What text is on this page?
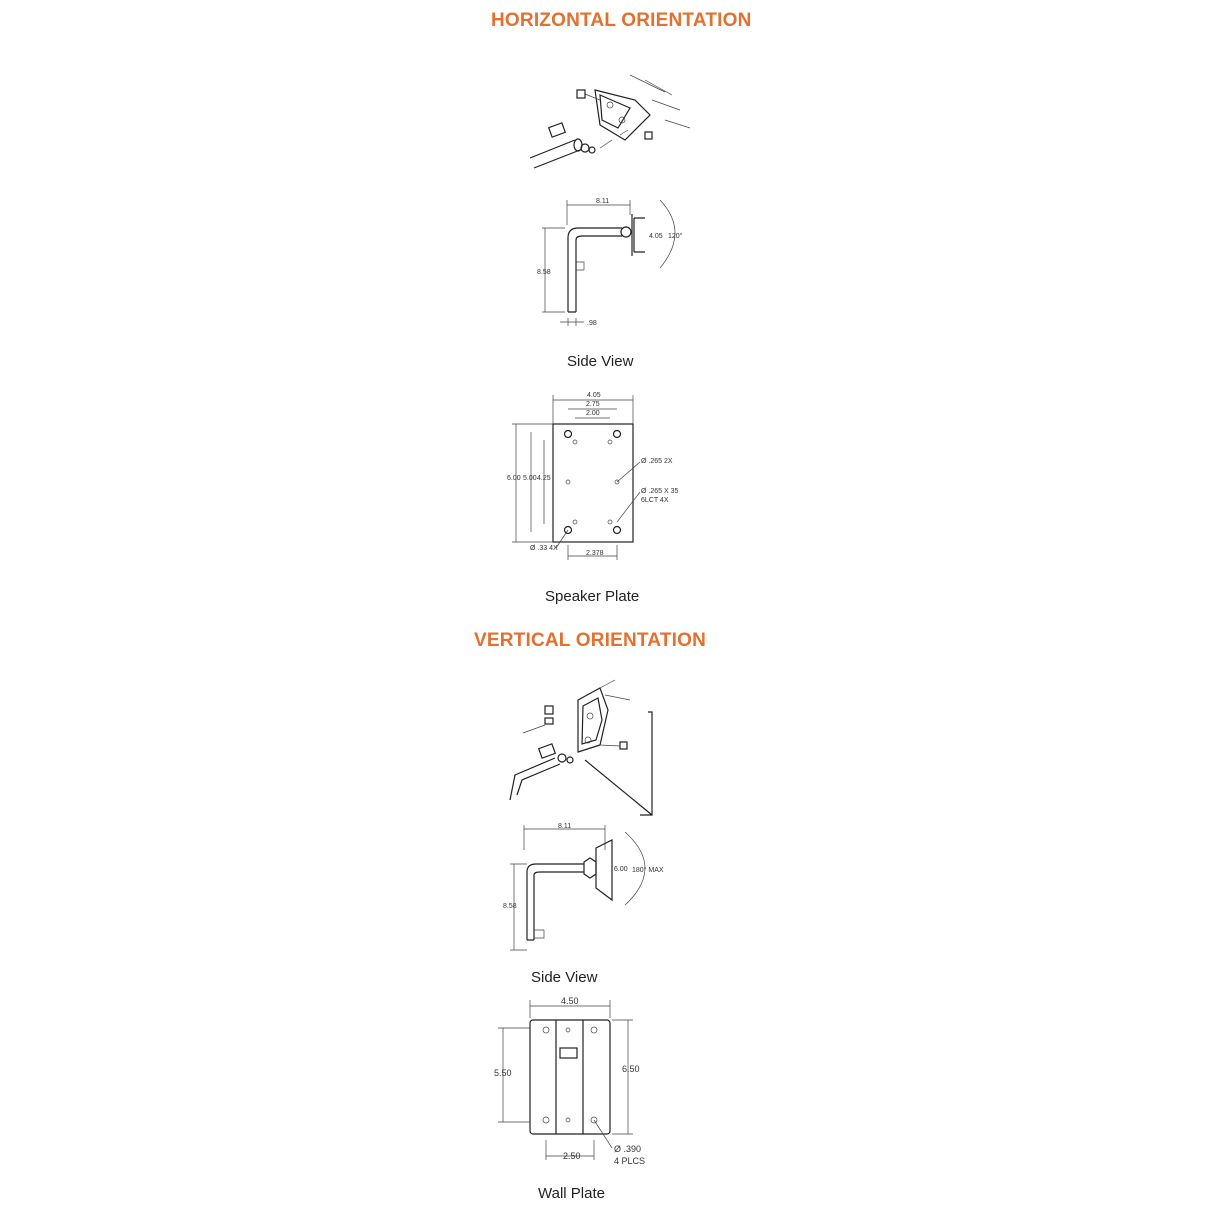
HORIZONTAL ORIENTATION
Side View
Speaker Plate
VERTICAL ORIENTATION
Side View
Wall Plate
8.11
4.05 120°
8.58
.98
4.05
2.75
2.00
6.00 5.00 4.25
Ø .265 2X
Ø .265 X 35
6LCT 4X
Ø .33 4X
2.378
8.11
6.00 180° MAX
8.58
4.50
5.50	6.50
2.50
Ø .390
4 PLCS
